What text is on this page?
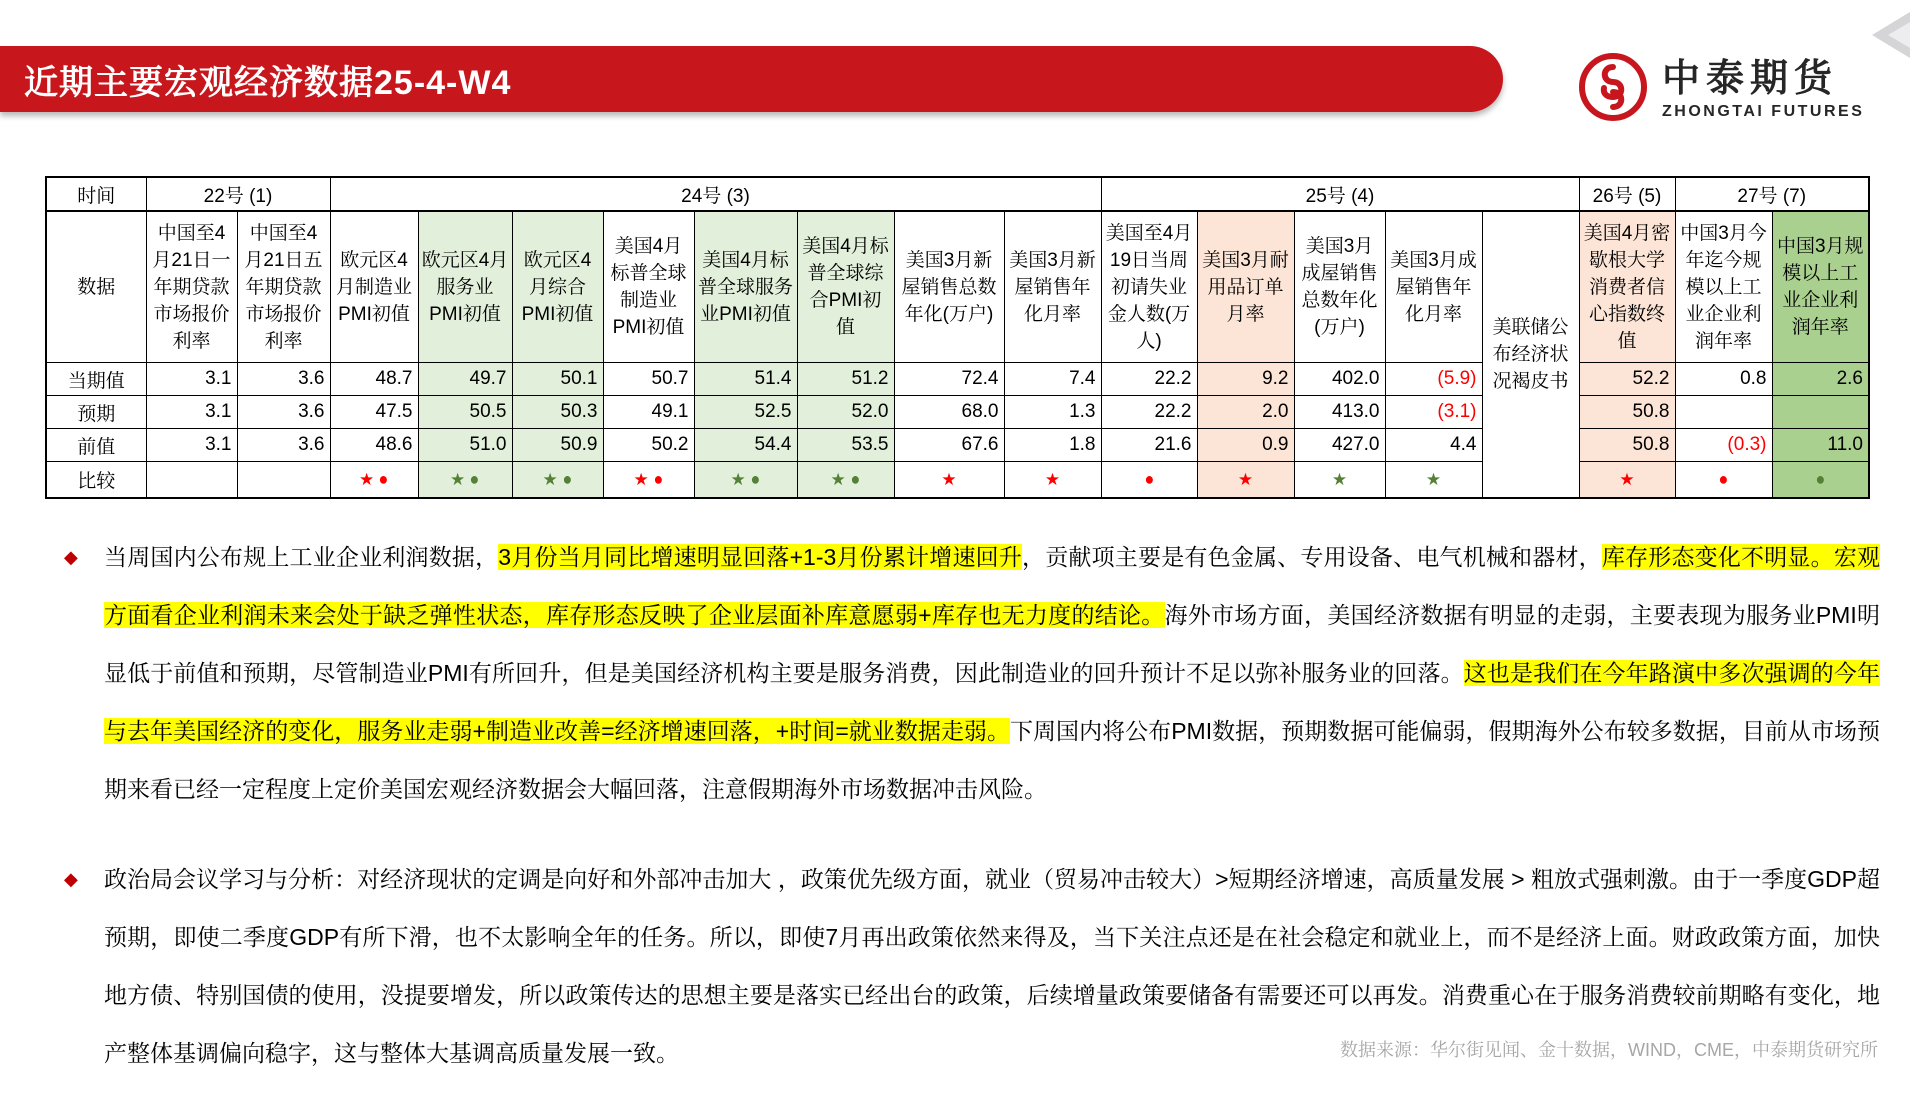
近期主要宏观经济数据25-4-W4	中泰期货
ZHONGTAI FUTURES
时间	22号 (1)		24号 (3)								25号 (4)					26号 (5)	27号 (7)	
数据	中国至4月21日一年期贷款市场报价利率	中国至4月21日五年期贷款市场报价利率	欧元区4月制造业PMI初值	欧元区4月服务业PMI初值	欧元区4月综合PMI初值	美国4月标普全球制造业PMI初值	美国4月标普全球服务业PMI初值	美国4月标普全球综合PMI初值	美国3月新屋销售总数年化(万户)	美国3月新屋销售年化月率	美国至4月19日当周初请失业金人数(万人)	美国3月耐用品订单月率	美国3月成屋销售总数年化(万户)	美国3月成屋销售年化月率	美联储公布经济状况褐皮书	美国4月密歇根大学消费者信心指数终值	中国3月今年迄今规模以上工业企业利润年率	中国3月规模以上工业企业利润年率
当期值	3.1	3.6	48.7	49.7	50.1	50.7	51.4	51.2	72.4	7.4	22.2	9.2	402.0	(5.9)		52.2	0.8	2.6
预期	3.1	3.6	47.5	50.5	50.3	49.1	52.5	52.0	68.0	1.3	22.2	2.0	413.0	(3.1)		50.8		
前值	3.1	3.6	48.6	51.0	50.9	50.2	54.4	53.5	67.6	1.8	21.6	0.9	427.0	4.4		50.8	(0.3)	11.0
比较			★ ●	★ ●	★ ●	★ ●	★ ●	★ ●	★	★	●	★	★	★		★	●	●

◆ 当周国内公布规上工业企业利润数据，3月份当月同比增速明显回落+1-3月份累计增速回升，贡献项主要是有色金属、专用设备、电气机械和器材，库存形态变化不明显。宏观方面看企业利润未来会处于缺乏弹性状态，库存形态反映了企业层面补库意愿弱+库存也无力度的结论。海外市场方面，美国经济数据有明显的走弱，主要表现为服务业PMI明显低于前值和预期，尽管制造业PMI有所回升，但是美国经济机构主要是服务消费，因此制造业的回升预计不足以弥补服务业的回落。这也是我们在今年路演中多次强调的今年与去年美国经济的变化，服务业走弱+制造业改善=经济增速回落，+时间=就业数据走弱。下周国内将公布PMI数据，预期数据可能偏弱，假期海外公布较多数据，目前从市场预期来看已经一定程度上定价美国宏观经济数据会大幅回落，注意假期海外市场数据冲击风险。

◆ 政治局会议学习与分析：对经济现状的定调是向好和外部冲击加大 ，政策优先级方面，就业（贸易冲击较大）>短期经济增速，高质量发展 > 粗放式强刺激。由于一季度GDP超预期，即使二季度GDP有所下滑，也不太影响全年的任务。所以，即使7月再出政策依然来得及，当下关注点还是在社会稳定和就业上，而不是经济上面。财政政策方面，加快地方债、特别国债的使用，没提要增发，所以政策传达的思想主要是落实已经出台的政策，后续增量政策要储备有需要还可以再发。消费重心在于服务消费较前期略有变化，地产整体基调偏向稳字，这与整体大基调高质量发展一致。	数据来源：华尔街见闻、金十数据，WIND，CME，中泰期货研究所
